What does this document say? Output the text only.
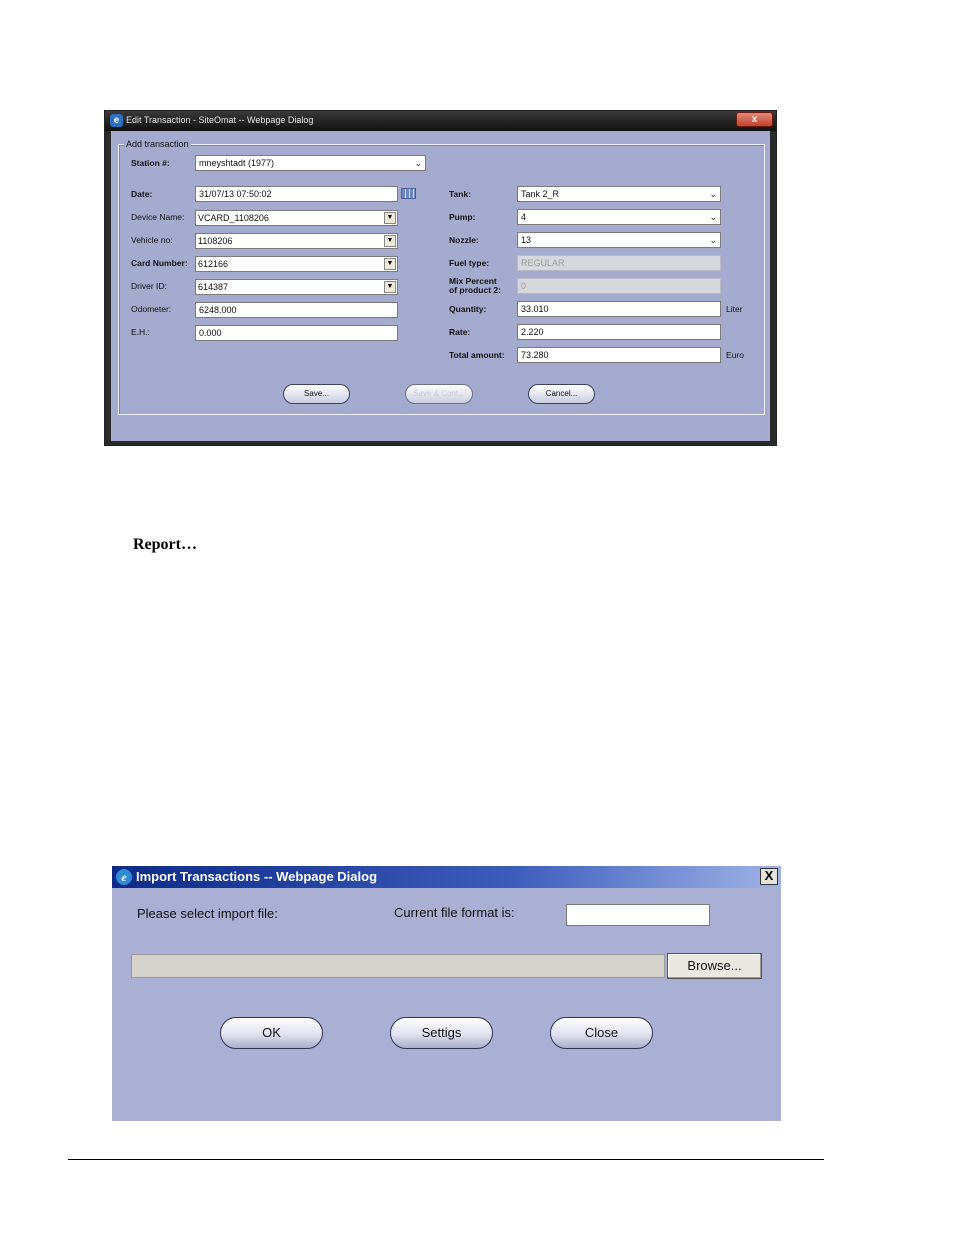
e Edit Transaction - SiteOmat -- Webpage Dialog	x
Add transaction
Station #:	mneyshtadt (1977)	⌄
Date:	31/07/13 07:50:02
Device Name: VCARD_1108206	▼
Vehicle no:	1108206	▼
Card Number: 612166	▼
Driver ID:	614387	▼
Odometer:	6248.000
E.H.:	0.000
Tank:	Tank 2_R	⌄
Pump:	4	⌄
Nozzle:	13	⌄
Fuel type:	REGULAR
Mix Percent
of product 2:	0
Quantity:	33.010	Liter
Rate:	2.220
Total amount:	73.280	Euro
Save...	Save & Cont...	Cancel...
Report…
e Import Transactions -- Webpage Dialog	X
Please select import file:	Current file format is:
Browse...
OK	Settigs	Close
